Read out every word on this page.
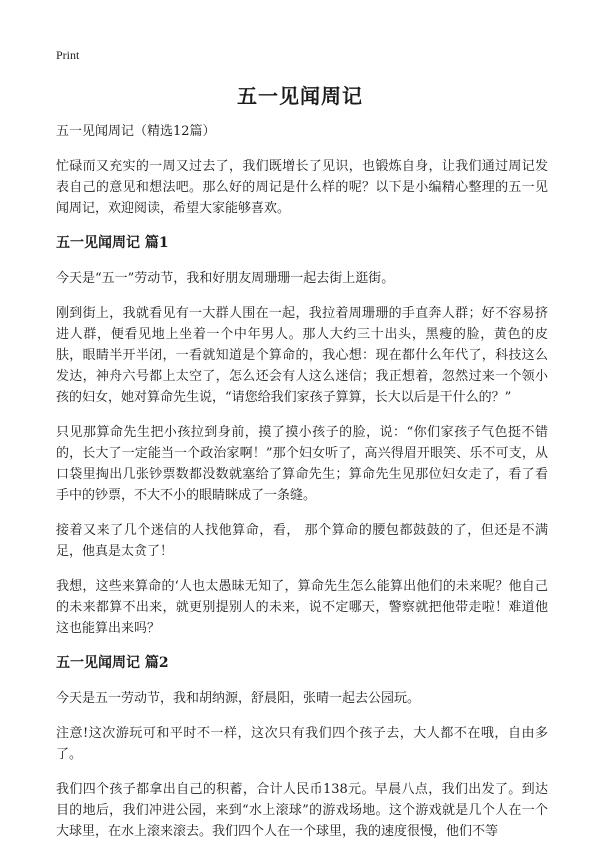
Print
五一见闻周记

五一见闻周记（精选12篇）

忙碌而又充实的一周又过去了，我们既增长了见识，也锻炼自身，让我们通过周记发表自己的意见和想法吧。那么好的周记是什么样的呢？以下是小编精心整理的五一见闻周记，欢迎阅读，希望大家能够喜欢。

五一见闻周记 篇1

今天是“五一”劳动节，我和好朋友周珊珊一起去街上逛街。

刚到街上，我就看见有一大群人围在一起，我拉着周珊珊的手直奔人群；好不容易挤进人群，便看见地上坐着一个中年男人。那人大约三十出头，黑瘦的脸，黄色的皮肤，眼睛半开半闭，一看就知道是个算命的，我心想：现在都什么年代了，科技这么发达，神舟六号都上太空了，怎么还会有人这么迷信；我正想着，忽然过来一个领小孩的妇女，她对算命先生说，“请您给我们家孩子算算，长大以后是干什么的？”

只见那算命先生把小孩拉到身前，摸了摸小孩子的脸，说：“你们家孩子气色挺不错的，长大了一定能当一个政治家啊！”那个妇女听了，高兴得眉开眼笑、乐不可支，从口袋里掏出几张钞票数都没数就塞给了算命先生；算命先生见那位妇女走了，看了看手中的钞票，不大不小的眼睛眯成了一条缝。

接着又来了几个迷信的人找他算命，看， 那个算命的腰包都鼓鼓的了，但还是不满足，他真是太贪了！

我想，这些来算命的‘人也太愚昧无知了，算命先生怎么能算出他们的未来呢？他自己的未来都算不出来，就更别提别人的未来，说不定哪天，警察就把他带走啦！难道他这也能算出来吗？

五一见闻周记 篇2

今天是五一劳动节，我和胡纳源，舒晨阳，张晴一起去公园玩。

注意!这次游玩可和平时不一样，这次只有我们四个孩子去，大人都不在哦，自由多了。

我们四个孩子都拿出自己的积蓄，合计人民币138元。早晨八点，我们出发了。到达目的地后，我们冲进公园，来到“水上滚球”的游戏场地。这个游戏就是几个人在一个大球里，在水上滚来滚去。我们四个人在一个球里，我的速度很慢，他们不等
